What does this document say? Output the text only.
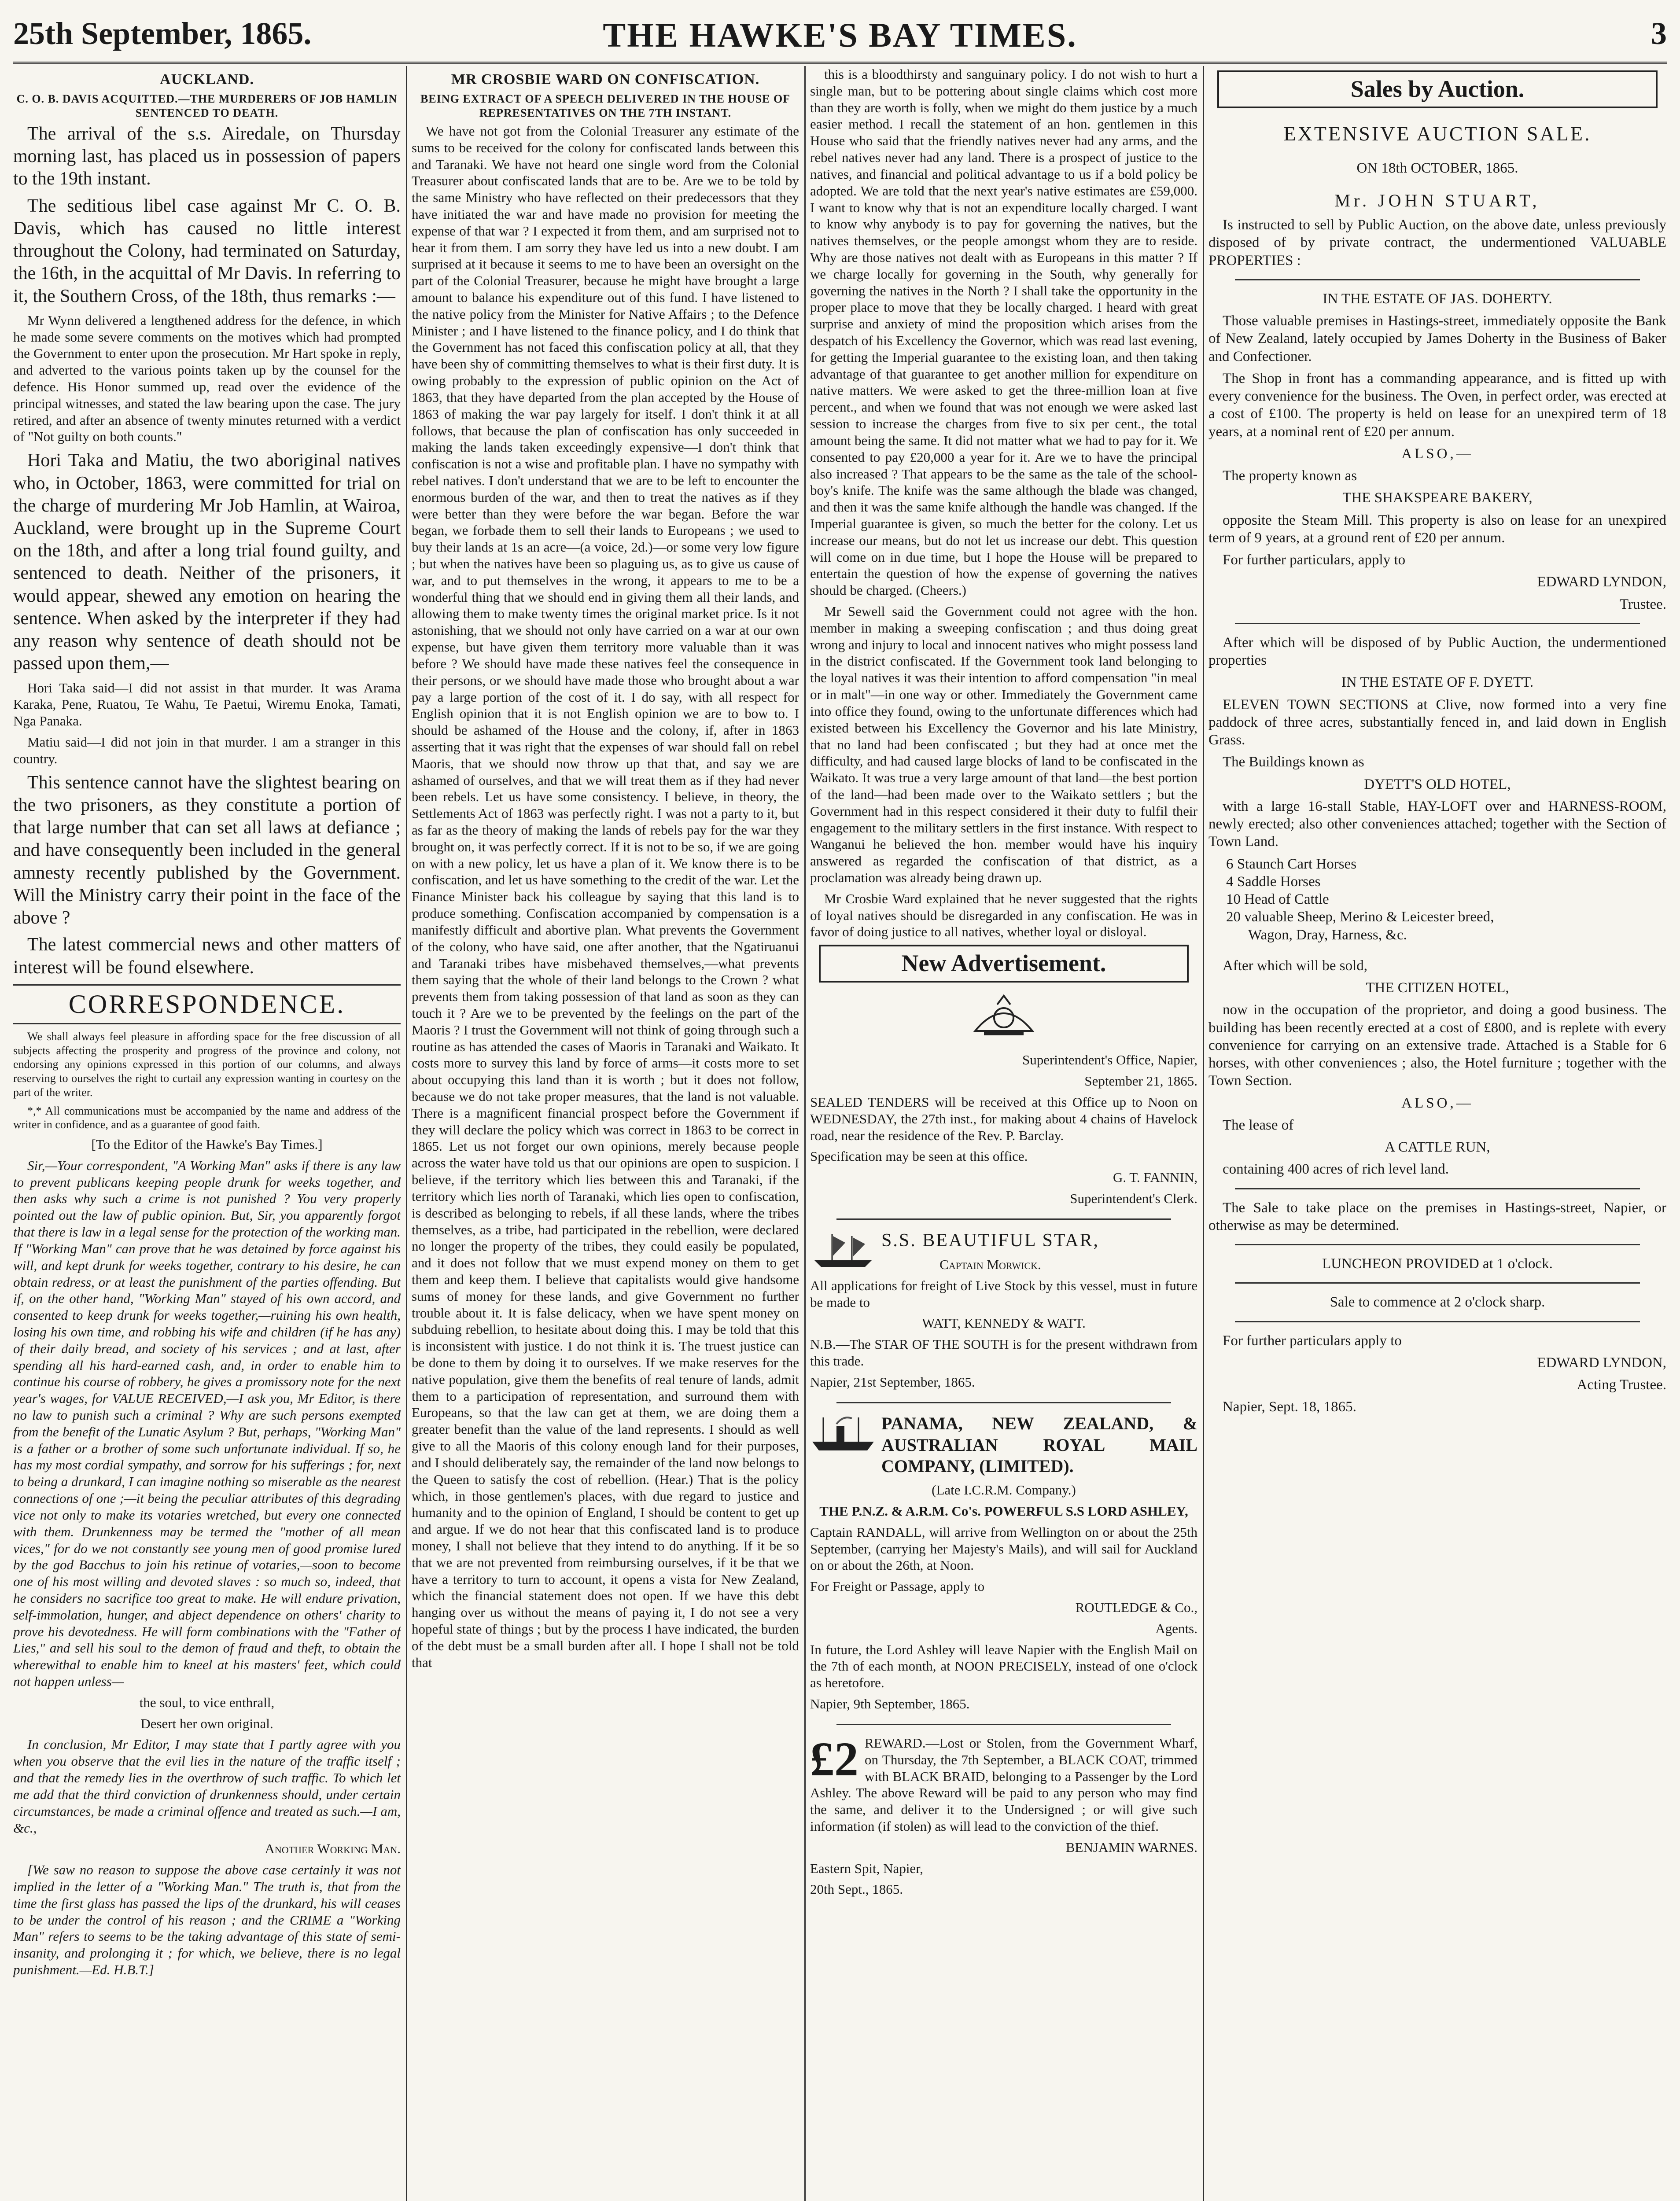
25th September, 1865.	THE HAWKE'S BAY TIMES.	3
AUCKLAND.
C. O. B. DAVIS ACQUITTED.—THE MURDERERS OF JOB HAMLIN SENTENCED TO DEATH.

The arrival of the s.s. Airedale, on Thursday morning last, has placed us in possession of papers to the 19th instant.

The seditious libel case against Mr C. O. B. Davis, which has caused no little interest throughout the Colony, had terminated on Saturday, the 16th, in the acquittal of Mr Davis. In referring to it, the Southern Cross, of the 18th, thus remarks :—

Mr Wynn delivered a lengthened address for the defence, in which he made some severe comments on the motives which had prompted the Government to enter upon the prosecution. Mr Hart spoke in reply, and adverted to the various points taken up by the counsel for the defence. His Honor summed up, read over the evidence of the principal witnesses, and stated the law bearing upon the case. The jury retired, and after an absence of twenty minutes returned with a verdict of "Not guilty on both counts."

Hori Taka and Matiu, the two aboriginal natives who, in October, 1863, were committed for trial on the charge of murdering Mr Job Hamlin, at Wairoa, Auckland, were brought up in the Supreme Court on the 18th, and after a long trial found guilty, and sentenced to death. Neither of the prisoners, it would appear, shewed any emotion on hearing the sentence. When asked by the interpreter if they had any reason why sentence of death should not be passed upon them,—

Hori Taka said—I did not assist in that murder. It was Arama Karaka, Pene, Ruatou, Te Wahu, Te Paetui, Wiremu Enoka, Tamati, Nga Panaka.

Matiu said—I did not join in that murder. I am a stranger in this country.

This sentence cannot have the slightest bearing on the two prisoners, as they constitute a portion of that large number that can set all laws at defiance ; and have consequently been included in the general amnesty recently published by the Government. Will the Ministry carry their point in the face of the above ?

The latest commercial news and other matters of interest will be found elsewhere.

CORRESPONDENCE.

We shall always feel pleasure in affording space for the free discussion of all subjects affecting the prosperity and progress of the province and colony, not endorsing any opinions expressed in this portion of our columns, and always reserving to ourselves the right to curtail any expression wanting in courtesy on the part of the writer.

*,* All communications must be accompanied by the name and address of the writer in confidence, and as a guarantee of good faith.

[To the Editor of the Hawke's Bay Times.]

Sir,—Your correspondent, "A Working Man" asks if there is any law to prevent publicans keeping people drunk for weeks together, and then asks why such a crime is not punished ? You very properly pointed out the law of public opinion. But, Sir, you apparently forgot that there is law in a legal sense for the protection of the working man. If "Working Man" can prove that he was detained by force against his will, and kept drunk for weeks together, contrary to his desire, he can obtain redress, or at least the punishment of the parties offending. But if, on the other hand, "Working Man" stayed of his own accord, and consented to keep drunk for weeks together,—ruining his own health, losing his own time, and robbing his wife and children (if he has any) of their daily bread, and society of his services ; and at last, after spending all his hard-earned cash, and, in order to enable him to continue his course of robbery, he gives a promissory note for the next year's wages, for VALUE RECEIVED,—I ask you, Mr Editor, is there no law to punish such a criminal ? Why are such persons exempted from the benefit of the Lunatic Asylum ? But, perhaps, "Working Man" is a father or a brother of some such unfortunate individual. If so, he has my most cordial sympathy, and sorrow for his sufferings ; for, next to being a drunkard, I can imagine nothing so miserable as the nearest connections of one ;—it being the peculiar attributes of this degrading vice not only to make its votaries wretched, but every one connected with them. Drunkenness may be termed the "mother of all mean vices," for do we not constantly see young men of good promise lured by the god Bacchus to join his retinue of votaries,—soon to become one of his most willing and devoted slaves : so much so, indeed, that he considers no sacrifice too great to make. He will endure privation, self-immolation, hunger, and abject dependence on others' charity to prove his devotedness. He will form combinations with the "Father of Lies," and sell his soul to the demon of fraud and theft, to obtain the wherewithal to enable him to kneel at his masters' feet, which could not happen unless—

the soul, to vice enthrall,

Desert her own original.

In conclusion, Mr Editor, I may state that I partly agree with you when you observe that the evil lies in the nature of the traffic itself ; and that the remedy lies in the overthrow of such traffic. To which let me add that the third conviction of drunkenness should, under certain circumstances, be made a criminal offence and treated as such.—I am, &c.,

Another Working Man.

[We saw no reason to suppose the above case certainly it was not implied in the letter of a "Working Man." The truth is, that from the time the first glass has passed the lips of the drunkard, his will ceases to be under the control of his reason ; and the CRIME a "Working Man" refers to seems to be the taking advantage of this state of semi-insanity, and prolonging it ; for which, we believe, there is no legal punishment.—Ed. H.B.T.]

MR CROSBIE WARD ON CONFISCATION.
BEING EXTRACT OF A SPEECH DELIVERED IN THE HOUSE OF REPRESENTATIVES ON THE 7TH INSTANT.

We have not got from the Colonial Treasurer any estimate of the sums to be received for the colony for confiscated lands between this and Taranaki. We have not heard one single word from the Colonial Treasurer about confiscated lands that are to be. Are we to be told by the same Ministry who have reflected on their predecessors that they have initiated the war and have made no provision for meeting the expense of that war ? I expected it from them, and am surprised not to hear it from them. I am sorry they have led us into a new doubt. I am surprised at it because it seems to me to have been an oversight on the part of the Colonial Treasurer, because he might have brought a large amount to balance his expenditure out of this fund. I have listened to the native policy from the Minister for Native Affairs ; to the Defence Minister ; and I have listened to the finance policy, and I do think that the Government has not faced this confiscation policy at all, that they have been shy of committing themselves to what is their first duty. It is owing probably to the expression of public opinion on the Act of 1863, that they have departed from the plan accepted by the House of 1863 of making the war pay largely for itself. I don't think it at all follows, that because the plan of confiscation has only succeeded in making the lands taken exceedingly expensive—I don't think that confiscation is not a wise and profitable plan. I have no sympathy with rebel natives. I don't understand that we are to be left to encounter the enormous burden of the war, and then to treat the natives as if they were better than they were before the war began. Before the war began, we forbade them to sell their lands to Europeans ; we used to buy their lands at 1s an acre—(a voice, 2d.)—or some very low figure ; but when the natives have been so plaguing us, as to give us cause of war, and to put themselves in the wrong, it appears to me to be a wonderful thing that we should end in giving them all their lands, and allowing them to make twenty times the original market price. Is it not astonishing, that we should not only have carried on a war at our own expense, but have given them territory more valuable than it was before ? We should have made these natives feel the consequence in their persons, or we should have made those who brought about a war pay a large portion of the cost of it. I do say, with all respect for English opinion that it is not English opinion we are to bow to. I should be ashamed of the House and the colony, if, after in 1863 asserting that it was right that the expenses of war should fall on rebel Maoris, that we should now throw up that that, and say we are ashamed of ourselves, and that we will treat them as if they had never been rebels. Let us have some consistency. I believe, in theory, the Settlements Act of 1863 was perfectly right. I was not a party to it, but as far as the theory of making the lands of rebels pay for the war they brought on, it was perfectly correct. If it is not to be so, if we are going on with a new policy, let us have a plan of it. We know there is to be confiscation, and let us have something to the credit of the war. Let the Finance Minister back his colleague by saying that this land is to produce something. Confiscation accompanied by compensation is a manifestly difficult and abortive plan. What prevents the Government of the colony, who have said, one after another, that the Ngatiruanui and Taranaki tribes have misbehaved themselves,—what prevents them saying that the whole of their land belongs to the Crown ? what prevents them from taking possession of that land as soon as they can touch it ? Are we to be prevented by the feelings on the part of the Maoris ? I trust the Government will not think of going through such a routine as has attended the cases of Maoris in Taranaki and Waikato. It costs more to survey this land by force of arms—it costs more to set about occupying this land than it is worth ; but it does not follow, because we do not take proper measures, that the land is not valuable. There is a magnificent financial prospect before the Government if they will declare the policy which was correct in 1863 to be correct in 1865. Let us not forget our own opinions, merely because people across the water have told us that our opinions are open to suspicion. I believe, if the territory which lies between this and Taranaki, if the territory which lies north of Taranaki, which lies open to confiscation, is described as belonging to rebels, if all these lands, where the tribes themselves, as a tribe, had participated in the rebellion, were declared no longer the property of the tribes, they could easily be populated, and it does not follow that we must expend money on them to get them and keep them. I believe that capitalists would give handsome sums of money for these lands, and give Government no further trouble about it. It is false delicacy, when we have spent money on subduing rebellion, to hesitate about doing this. I may be told that this is inconsistent with justice. I do not think it is. The truest justice can be done to them by doing it to ourselves. If we make reserves for the native population, give them the benefits of real tenure of lands, admit them to a participation of representation, and surround them with Europeans, so that the law can get at them, we are doing them a greater benefit than the value of the land represents. I should as well give to all the Maoris of this colony enough land for their purposes, and I should deliberately say, the remainder of the land now belongs to the Queen to satisfy the cost of rebellion. (Hear.) That is the policy which, in those gentlemen's places, with due regard to justice and humanity and to the opinion of England, I should be content to get up and argue. If we do not hear that this confiscated land is to produce money, I shall not believe that they intend to do anything. If it be so that we are not prevented from reimbursing ourselves, if it be that we have a territory to turn to account, it opens a vista for New Zealand, which the financial statement does not open. If we have this debt hanging over us without the means of paying it, I do not see a very hopeful state of things ; but by the process I have indicated, the burden of the debt must be a small burden after all. I hope I shall not be told that

this is a bloodthirsty and sanguinary policy. I do not wish to hurt a single man, but to be pottering about single claims which cost more than they are worth is folly, when we might do them justice by a much easier method. I recall the statement of an hon. gentlemen in this House who said that the friendly natives never had any arms, and the rebel natives never had any land. There is a prospect of justice to the natives, and financial and political advantage to us if a bold policy be adopted. We are told that the next year's native estimates are £59,000. I want to know why that is not an expenditure locally charged. I want to know why anybody is to pay for governing the natives, but the natives themselves, or the people amongst whom they are to reside. Why are those natives not dealt with as Europeans in this matter ? If we charge locally for governing in the South, why generally for governing the natives in the North ? I shall take the opportunity in the proper place to move that they be locally charged. I heard with great surprise and anxiety of mind the proposition which arises from the despatch of his Excellency the Governor, which was read last evening, for getting the Imperial guarantee to the existing loan, and then taking advantage of that guarantee to get another million for expenditure on native matters. We were asked to get the three-million loan at five percent., and when we found that was not enough we were asked last session to increase the charges from five to six per cent., the total amount being the same. It did not matter what we had to pay for it. We consented to pay £20,000 a year for it. Are we to have the principal also increased ? That appears to be the same as the tale of the school-boy's knife. The knife was the same although the blade was changed, and then it was the same knife although the handle was changed. If the Imperial guarantee is given, so much the better for the colony. Let us increase our means, but do not let us increase our debt. This question will come on in due time, but I hope the House will be prepared to entertain the question of how the expense of governing the natives should be charged. (Cheers.)

Mr Sewell said the Government could not agree with the hon. member in making a sweeping confiscation ; and thus doing great wrong and injury to local and innocent natives who might possess land in the district confiscated. If the Government took land belonging to the loyal natives it was their intention to afford compensation "in meal or in malt"—in one way or other. Immediately the Government came into office they found, owing to the unfortunate differences which had existed between his Excellency the Governor and his late Ministry, that no land had been confiscated ; but they had at once met the difficulty, and had caused large blocks of land to be confiscated in the Waikato. It was true a very large amount of that land—the best portion of the land—had been made over to the Waikato settlers ; but the Government had in this respect considered it their duty to fulfil their engagement to the military settlers in the first instance. With respect to Wanganui he believed the hon. member would have his inquiry answered as regarded the confiscation of that district, as a proclamation was already being drawn up.

Mr Crosbie Ward explained that he never suggested that the rights of loyal natives should be disregarded in any confiscation. He was in favor of doing justice to all natives, whether loyal or disloyal.

New Advertisement.

Superintendent's Office, Napier,

September 21, 1865.

SEALED TENDERS will be received at this Office up to Noon on WEDNESDAY, the 27th inst., for making about 4 chains of Havelock road, near the residence of the Rev. P. Barclay.

Specification may be seen at this office.

G. T. FANNIN,

Superintendent's Clerk.

S.S. BEAUTIFUL STAR,

Captain Morwick.

All applications for freight of Live Stock by this vessel, must in future be made to

WATT, KENNEDY & WATT.

N.B.—The STAR OF THE SOUTH is for the present withdrawn from this trade.

Napier, 21st September, 1865.

PANAMA, NEW ZEALAND, & AUSTRALIAN ROYAL MAIL COMPANY, (LIMITED).

(Late I.C.R.M. Company.)

THE P.N.Z. & A.R.M. Co's. POWERFUL S.S LORD ASHLEY,

Captain RANDALL, will arrive from Wellington on or about the 25th September, (carrying her Majesty's Mails), and will sail for Auckland on or about the 26th, at Noon.

For Freight or Passage, apply to

ROUTLEDGE & Co.,

Agents.

In future, the Lord Ashley will leave Napier with the English Mail on the 7th of each month, at NOON PRECISELY, instead of one o'clock as heretofore.

Napier, 9th September, 1865.

£2 REWARD.—Lost or Stolen, from the Government Wharf, on Thursday, the 7th September, a BLACK COAT, trimmed with BLACK BRAID, belonging to a Passenger by the Lord Ashley. The above Reward will be paid to any person who may find the same, and deliver it to the Undersigned ; or will give such information (if stolen) as will lead to the conviction of the thief.

BENJAMIN WARNES.

Eastern Spit, Napier,

20th Sept., 1865.

Sales by Auction.

EXTENSIVE AUCTION SALE.

ON 18th OCTOBER, 1865.

Mr. JOHN STUART,

Is instructed to sell by Public Auction, on the above date, unless previously disposed of by private contract, the undermentioned VALUABLE PROPERTIES :

IN THE ESTATE OF JAS. DOHERTY.

Those valuable premises in Hastings-street, immediately opposite the Bank of New Zealand, lately occupied by James Doherty in the Business of Baker and Confectioner.

The Shop in front has a commanding appearance, and is fitted up with every convenience for the business. The Oven, in perfect order, was erected at a cost of £100. The property is held on lease for an unexpired term of 18 years, at a nominal rent of £20 per annum.

ALSO,—

The property known as

THE SHAKSPEARE BAKERY,

opposite the Steam Mill. This property is also on lease for an unexpired term of 9 years, at a ground rent of £20 per annum.

For further particulars, apply to

EDWARD LYNDON,

Trustee.

After which will be disposed of by Public Auction, the undermentioned properties

IN THE ESTATE OF F. DYETT.

ELEVEN TOWN SECTIONS at Clive, now formed into a very fine paddock of three acres, substantially fenced in, and laid down in English Grass.

The Buildings known as

DYETT'S OLD HOTEL,

with a large 16-stall Stable, HAY-LOFT over and HARNESS-ROOM, newly erected; also other conveniences attached; together with the Section of Town Land.

6 Staunch Cart Horses
4 Saddle Horses
10 Head of Cattle
20 valuable Sheep, Merino & Leicester breed,
Wagon, Dray, Harness, &c.

After which will be sold,

THE CITIZEN HOTEL,

now in the occupation of the proprietor, and doing a good business. The building has been recently erected at a cost of £800, and is replete with every convenience for carrying on an extensive trade. Attached is a Stable for 6 horses, with other conveniences ; also, the Hotel furniture ; together with the Town Section.

ALSO,—

The lease of

A CATTLE RUN,

containing 400 acres of rich level land.

The Sale to take place on the premises in Hastings-street, Napier, or otherwise as may be determined.

LUNCHEON PROVIDED at 1 o'clock.

Sale to commence at 2 o'clock sharp.

For further particulars apply to

EDWARD LYNDON,

Acting Trustee.

Napier, Sept. 18, 1865.
